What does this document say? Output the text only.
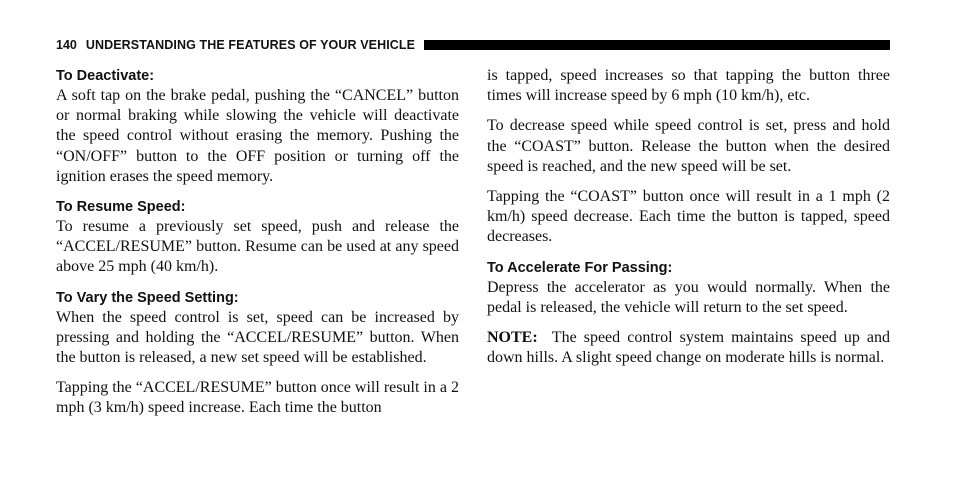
140 UNDERSTANDING THE FEATURES OF YOUR VEHICLE
To Deactivate:

A soft tap on the brake pedal, pushing the “CANCEL” button or normal braking while slowing the vehicle will deactivate the speed control without erasing the memory. Pushing the “ON/OFF” button to the OFF position or turning off the ignition erases the speed memory.

To Resume Speed:

To resume a previously set speed, push and release the “ACCEL/RESUME” button. Resume can be used at any speed above 25 mph (40 km/h).

To Vary the Speed Setting:

When the speed control is set, speed can be increased by pressing and holding the “ACCEL/RESUME” button. When the button is released, a new set speed will be established.

Tapping the “ACCEL/RESUME” button once will result in a 2 mph (3 km/h) speed increase. Each time the button

is tapped, speed increases so that tapping the button three times will increase speed by 6 mph (10 km/h), etc.

To decrease speed while speed control is set, press and hold the “COAST” button. Release the button when the desired speed is reached, and the new speed will be set.

Tapping the “COAST” button once will result in a 1 mph (2 km/h) speed decrease. Each time the button is tapped, speed decreases.

To Accelerate For Passing:

Depress the accelerator as you would normally. When the pedal is released, the vehicle will return to the set speed.

NOTE: The speed control system maintains speed up and down hills. A slight speed change on moderate hills is normal.
